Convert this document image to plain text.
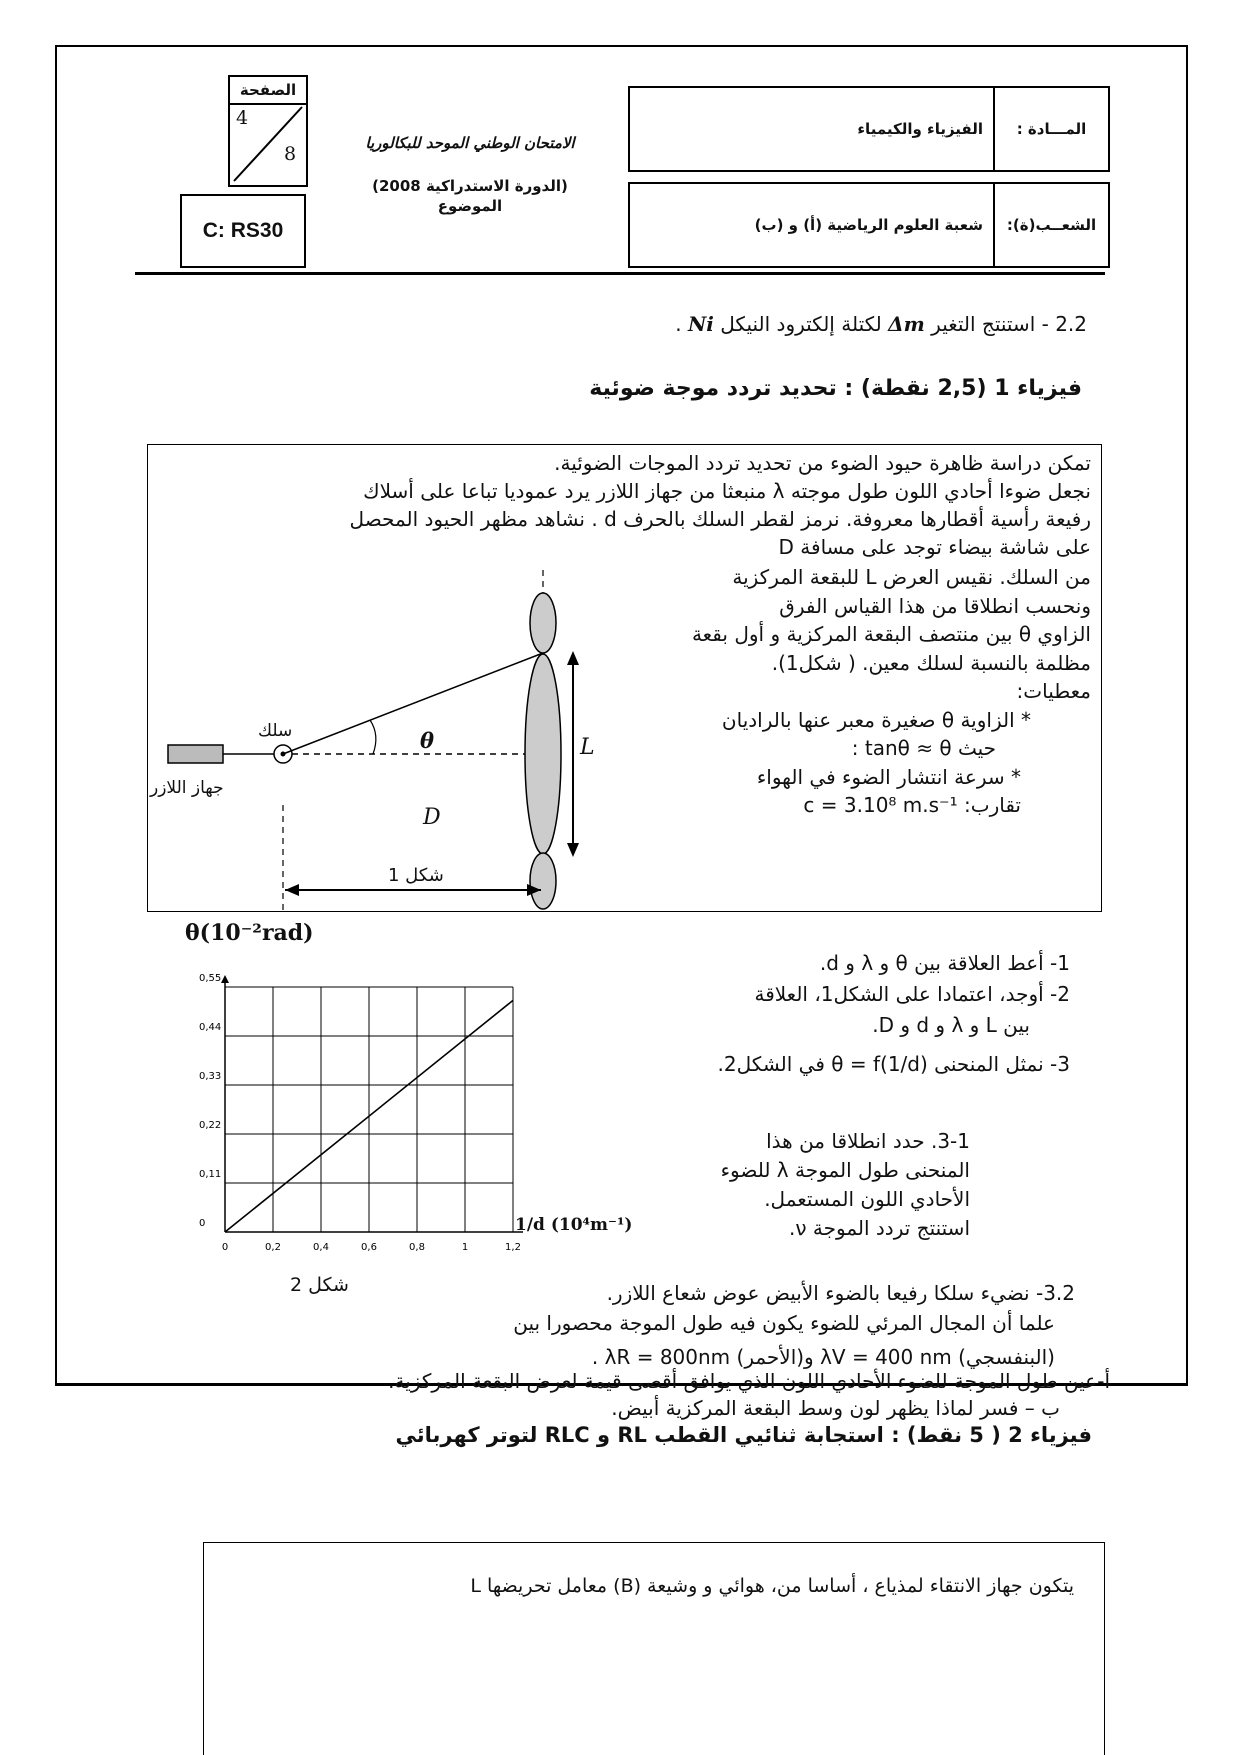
الصفحة
4
8
C: RS30
الامتحان الوطني الموحد للبكالوريا
(الدورة الاستدراكية 2008)
الموضوع
المـــادة :
الفيزياء والكيمياء
الشعــب(ة):
شعبة العلوم الرياضية (أ) و (ب)
2.2 - استنتج التغير Δm لكتلة إلكترود النيكل Ni .
فيزياء 1 (2,5 نقطة) : تحديد تردد موجة ضوئية
تمكن دراسة ظاهرة حيود الضوء من تحديد تردد الموجات الضوئية.
نجعل ضوءا أحادي اللون طول موجته λ منبعثا من جهاز اللازر يرد عموديا تباعا على أسلاك
رفيعة رأسية أقطارها معروفة. نرمز لقطر السلك بالحرف d . نشاهد مظهر الحيود المحصل
على شاشة بيضاء توجد على مسافة D
من السلك. نقيس العرض L للبقعة المركزية
ونحسب انطلاقا من هذا القياس الفرق
الزاوي θ بين منتصف البقعة المركزية و أول بقعة
مظلمة بالنسبة لسلك معين. ( شكل1).
معطيات:
* الزاوية θ صغيرة معبر عنها بالراديان
حيث tanθ ≈ θ :
* سرعة انتشار الضوء في الهواء
تقارب: c = 3.10⁸ m.s⁻¹
سلك
جهاز اللازر
θ	L
D
شكل 1
θ(10⁻²rad)
0	0,2	0,4	0,6	0,8	1	1,2
0
0,11
0,22
0,33
0,44
0,55
1/d (10⁴m⁻¹)
شكل 2
1- أعط العلاقة بين θ و λ و d.
2- أوجد، اعتمادا على الشكل1، العلاقة
بين L و λ و d و D.
3- نمثل المنحنى θ = f(1/d) في الشكل2.
3-1. حدد انطلاقا من هذا
المنحنى طول الموجة λ للضوء
الأحادي اللون المستعمل.
استنتج تردد الموجة ν.
3.2- نضيء سلكا رفيعا بالضوء الأبيض عوض شعاع اللازر.
علما أن المجال المرئي للضوء يكون فيه طول الموجة محصورا بين
(البنفسجي) λV = 400 nm و(الأحمر) λR = 800nm .
أ-عين طول الموجة للضوء الأحادي اللون الذي يوافق أقصى قيمة لعرض البقعة المركزية.
ب – فسر لماذا يظهر لون وسط البقعة المركزية أبيض.
فيزياء 2 ( 5 نقط) : استجابة ثنائيي القطب RL و RLC لتوتر كهربائي
يتكون جهاز الانتقاء لمذياع ، أساسا من، هوائي و وشيعة (B) معامل تحريضها L
